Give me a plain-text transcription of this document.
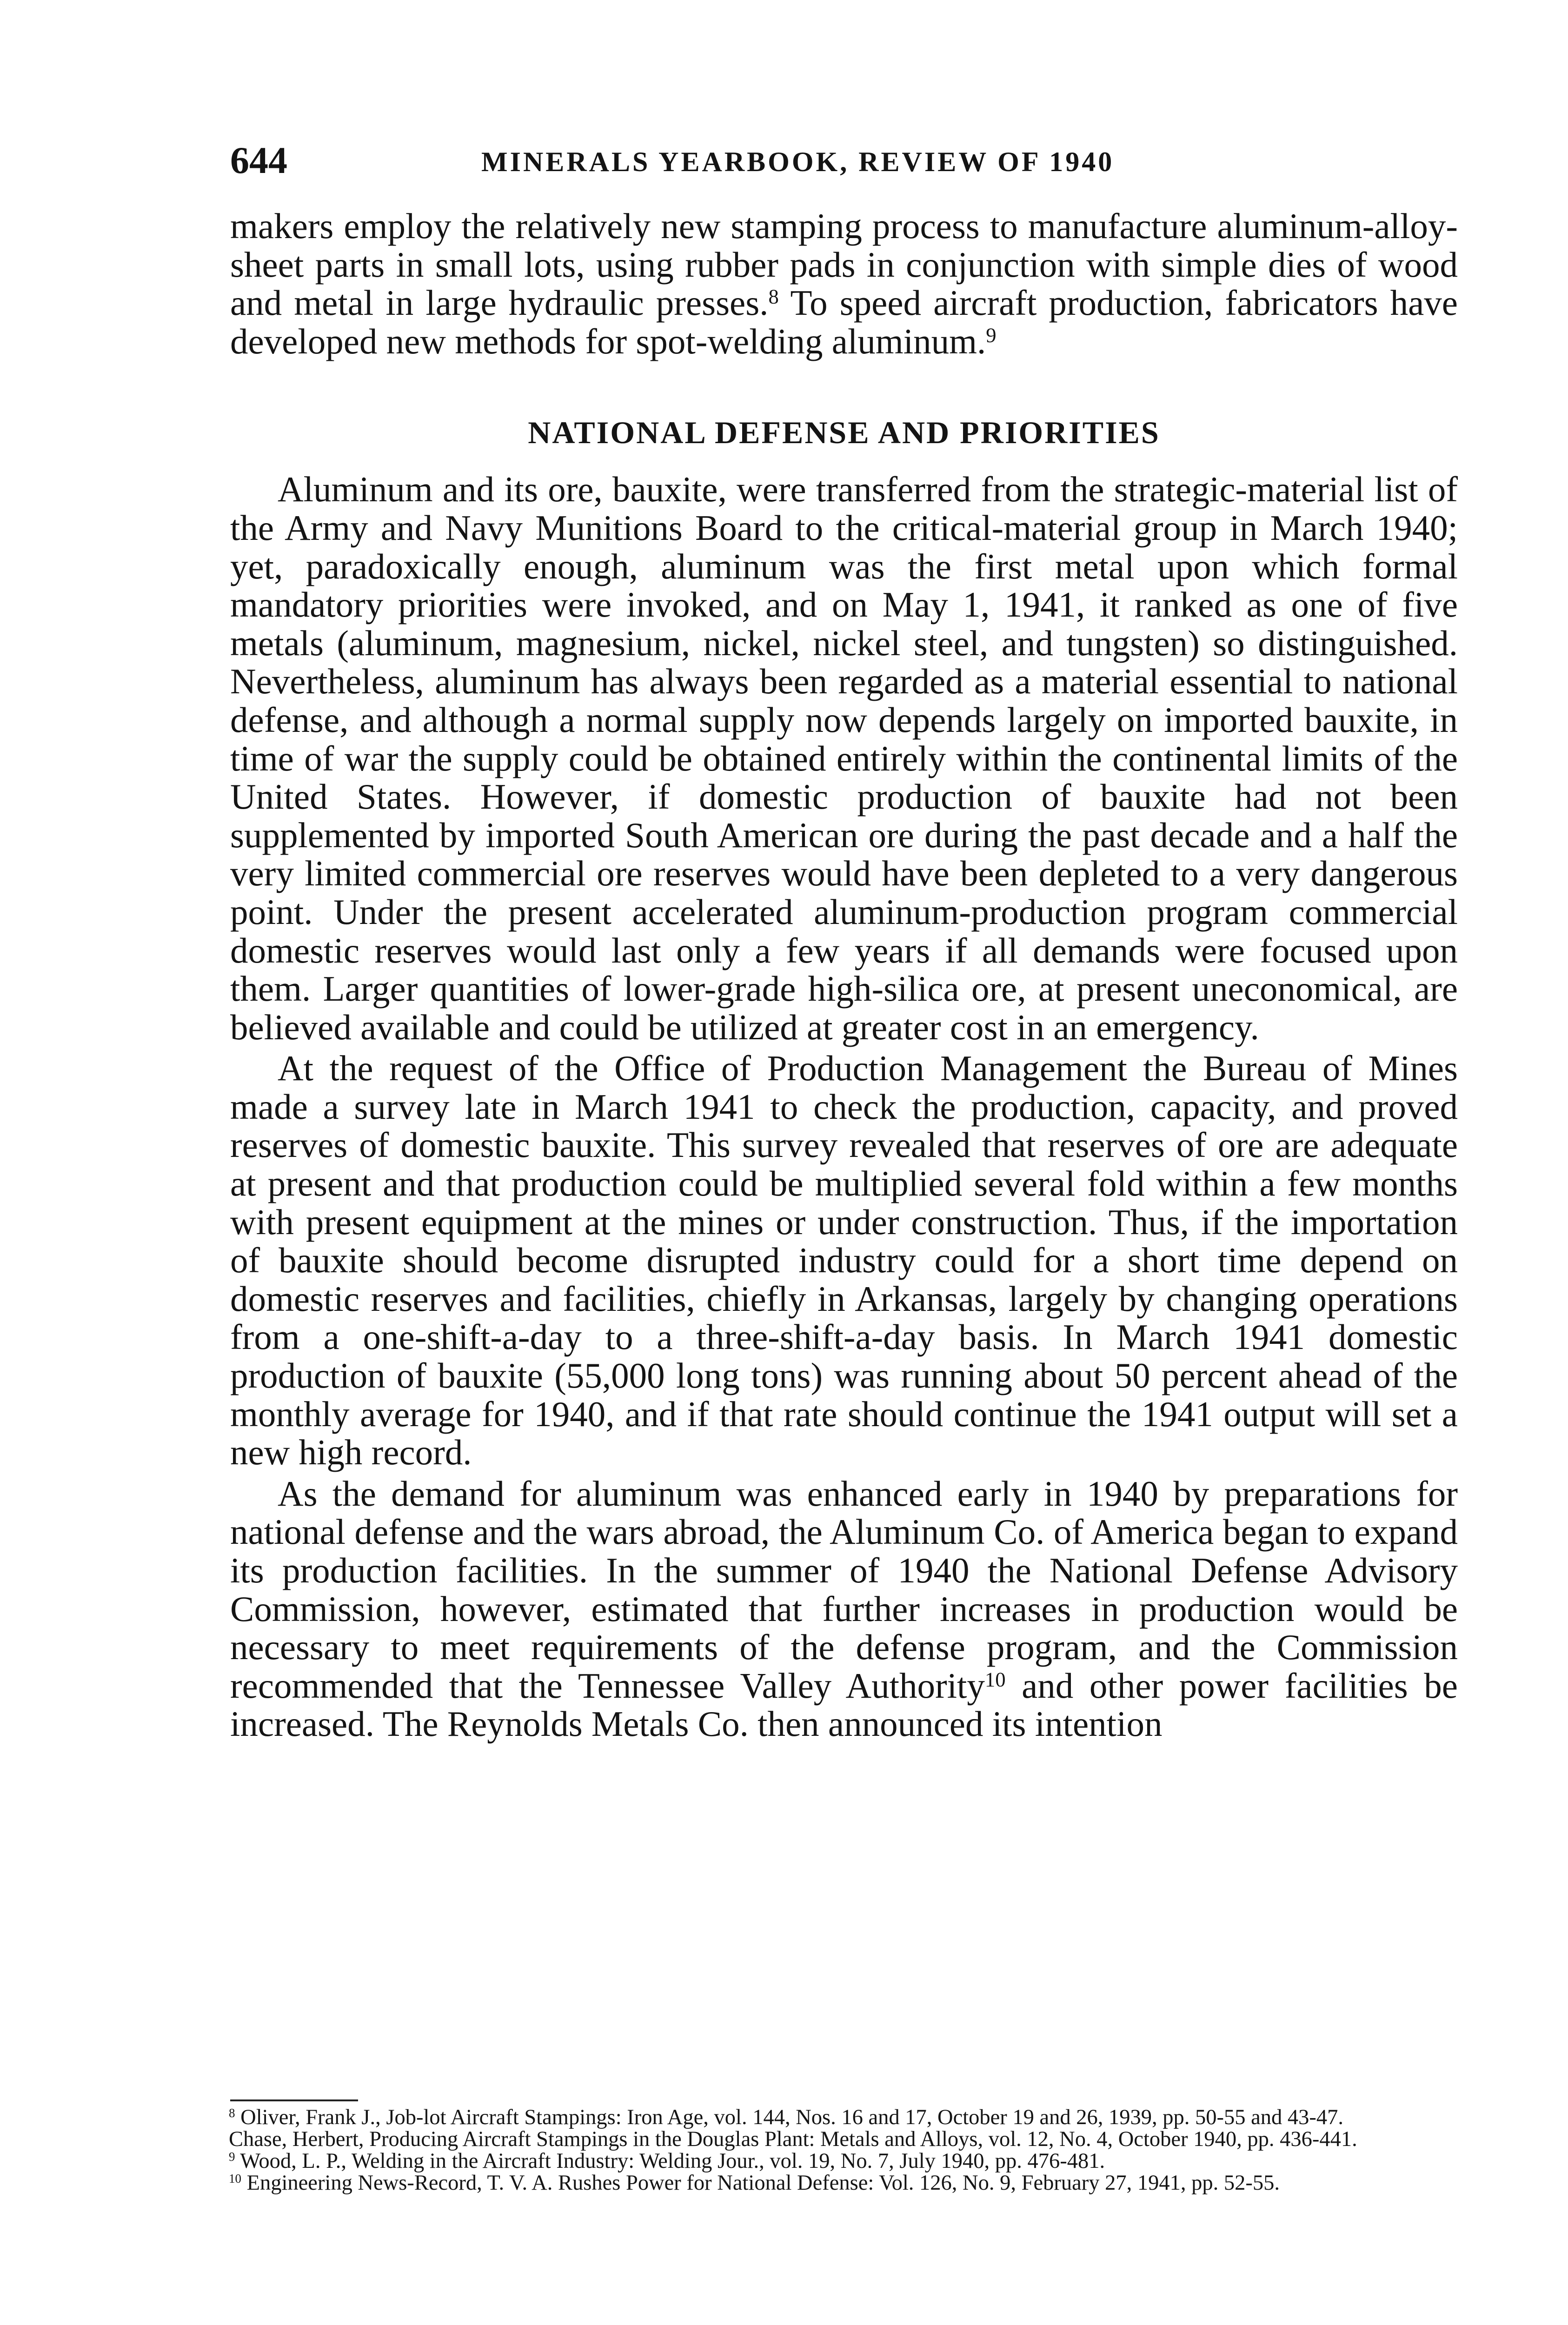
644	MINERALS YEARBOOK, REVIEW OF 1940

makers employ the relatively new stamping process to manufacture aluminum-alloy-sheet parts in small lots, using rubber pads in conjunction with simple dies of wood and metal in large hydraulic presses.$^8$ To speed aircraft production, fabricators have developed new methods for spot-welding aluminum.$^9$

NATIONAL DEFENSE AND PRIORITIES

Aluminum and its ore, bauxite, were transferred from the strategic-material list of the Army and Navy Munitions Board to the critical-material group in March 1940; yet, paradoxically enough, aluminum was the first metal upon which formal mandatory priorities were invoked, and on May 1, 1941, it ranked as one of five metals (aluminum, magnesium, nickel, nickel steel, and tungsten) so distinguished. Nevertheless, aluminum has always been regarded as a material essential to national defense, and although a normal supply now depends largely on imported bauxite, in time of war the supply could be obtained entirely within the continental limits of the United States. However, if domestic production of bauxite had not been supplemented by imported South American ore during the past decade and a half the very limited commercial ore reserves would have been depleted to a very dangerous point. Under the present accelerated aluminum-production program commercial domestic reserves would last only a few years if all demands were focused upon them. Larger quantities of lower-grade high-silica ore, at present uneconomical, are believed available and could be utilized at greater cost in an emergency.

At the request of the Office of Production Management the Bureau of Mines made a survey late in March 1941 to check the production, capacity, and proved reserves of domestic bauxite. This survey revealed that reserves of ore are adequate at present and that production could be multiplied several fold within a few months with present equipment at the mines or under construction. Thus, if the importation of bauxite should become disrupted industry could for a short time depend on domestic reserves and facilities, chiefly in Arkansas, largely by changing operations from a one-shift-a-day to a three-shift-a-day basis. In March 1941 domestic production of bauxite (55,000 long tons) was running about 50 percent ahead of the monthly average for 1940, and if that rate should continue the 1941 output will set a new high record.

As the demand for aluminum was enhanced early in 1940 by preparations for national defense and the wars abroad, the Aluminum Co. of America began to expand its production facilities. In the summer of 1940 the National Defense Advisory Commission, however, estimated that further increases in production would be necessary to meet requirements of the defense program, and the Commission recommended that the Tennessee Valley Authority$^{10}$ and other power facilities be increased. The Reynolds Metals Co. then announced its intention

$^8$ Oliver, Frank J., Job-lot Aircraft Stampings: Iron Age, vol. 144, Nos. 16 and 17, October 19 and 26, 1939, pp. 50-55 and 43-47.

Chase, Herbert, Producing Aircraft Stampings in the Douglas Plant: Metals and Alloys, vol. 12, No. 4, October 1940, pp. 436-441.

$^9$ Wood, L. P., Welding in the Aircraft Industry: Welding Jour., vol. 19, No. 7, July 1940, pp. 476-481.

$^{10}$ Engineering News-Record, T. V. A. Rushes Power for National Defense: Vol. 126, No. 9, February 27, 1941, pp. 52-55.
